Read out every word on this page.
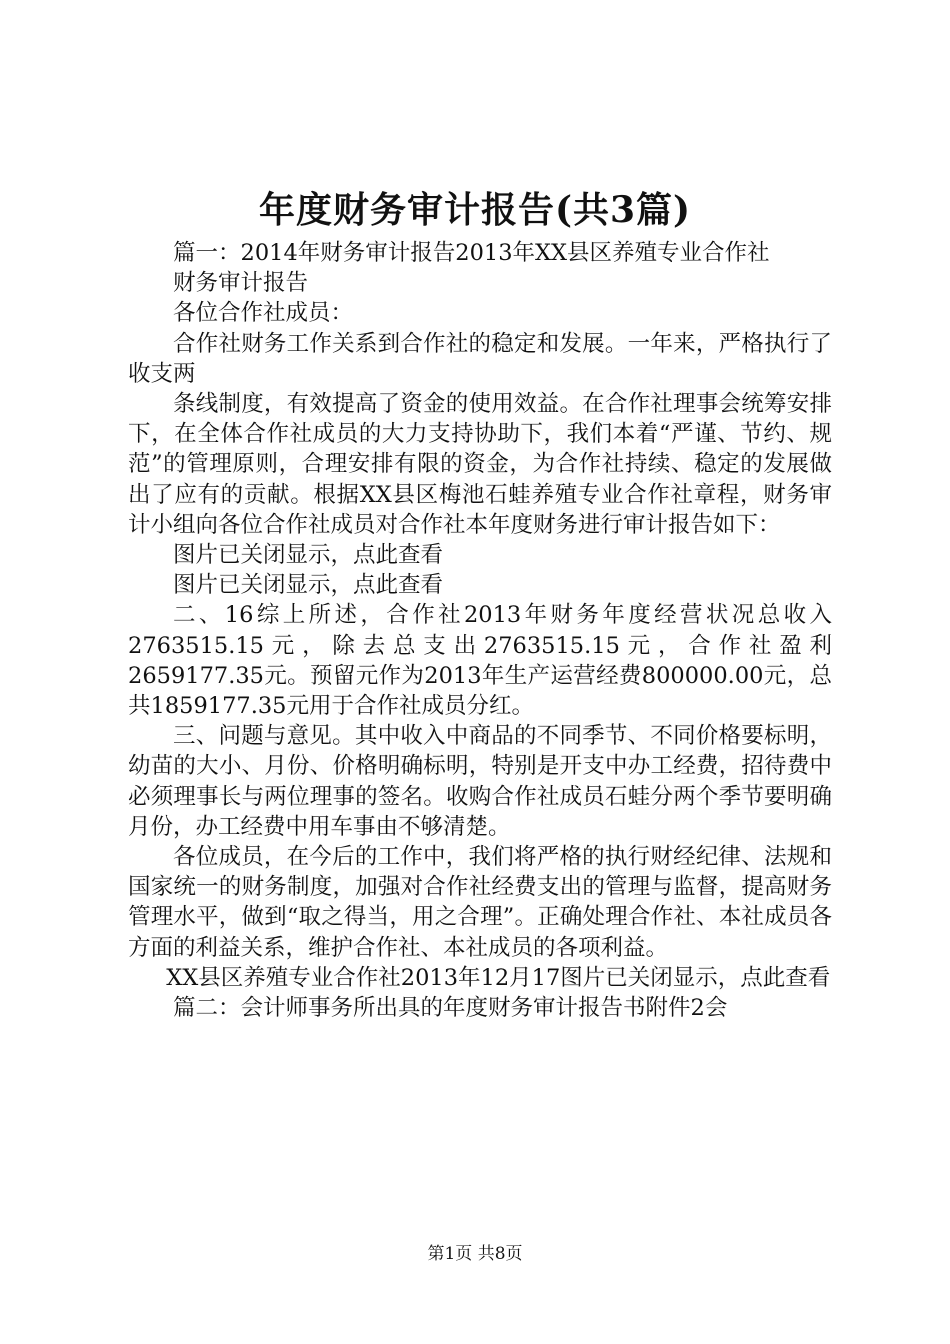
年度财务审计报告(共3篇)

篇一：2014年财务审计报告2013年XX县区养殖专业合作社

财务审计报告

各位合作社成员：

合作社财务工作关系到合作社的稳定和发展。一年来，严格执行了收支两

条线制度，有效提高了资金的使用效益。在合作社理事会统筹安排下，在全体合作社成员的大力支持协助下，我们本着“严谨、节约、规范”的管理原则，合理安排有限的资金，为合作社持续、稳定的发展做出了应有的贡献。根据XX县区梅池石蛙养殖专业合作社章程，财务审计小组向各位合作社成员对合作社本年度财务进行审计报告如下：

图片已关闭显示，点此查看

图片已关闭显示，点此查看

二、16综上所述，合作社2013年财务年度经营状况总收入2763515.15元，除去总支出2763515.15元，合作社盈利2659177.35元。预留元作为2013年生产运营经费800000.00元，总共1859177.35元用于合作社成员分红。

三、问题与意见。其中收入中商品的不同季节、不同价格要标明，幼苗的大小、月份、价格明确标明，特别是开支中办工经费，招待费中必须理事长与两位理事的签名。收购合作社成员石蛙分两个季节要明确月份，办工经费中用车事由不够清楚。

各位成员，在今后的工作中，我们将严格的执行财经纪律、法规和国家统一的财务制度，加强对合作社经费支出的管理与监督，提高财务管理水平，做到“取之得当，用之合理”。正确处理合作社、本社成员各方面的利益关系，维护合作社、本社成员的各项利益。

XX县区养殖专业合作社2013年12月17图片已关闭显示，点此查看

篇二：会计师事务所出具的年度财务审计报告书附件2会

第1页 共8页
